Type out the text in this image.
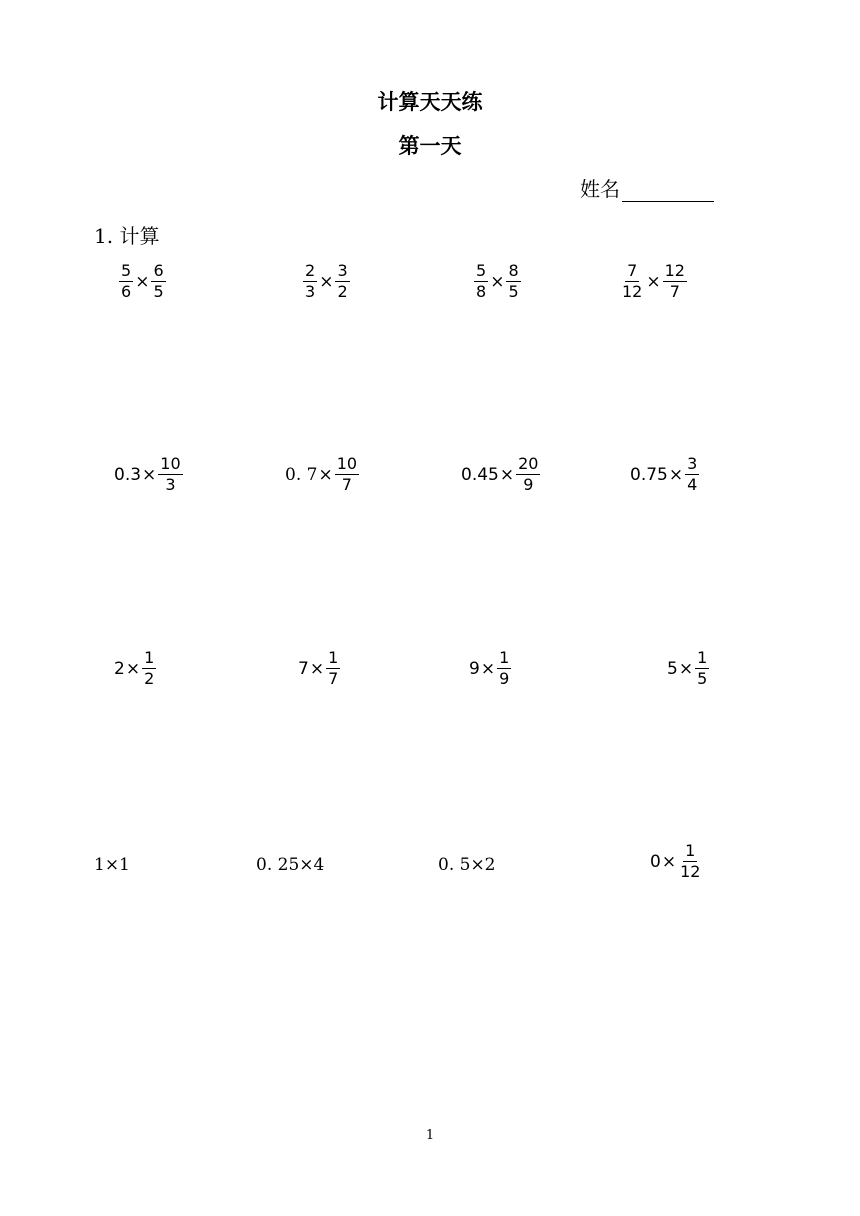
计算天天练
第一天
姓名
1. 计算
$\frac{5}{6} \times \frac{6}{5}$	$\frac{2}{3} \times \frac{3}{2}$	$\frac{5}{8} \times \frac{8}{5}$	$\frac{7}{12} \times \frac{12}{7}$
$0.3 \times \frac{10}{3}$	0. $7 \times \frac{10}{7}$	$0.45 \times \frac{20}{9}$	$0.75 \times \frac{3}{4}$
$2 \times \frac{1}{2}$	$7 \times \frac{1}{7}$	$9 \times \frac{1}{9}$	$5 \times \frac{1}{5}$
1×1	0. 25×4	0. 5×2	$0 \times \frac{1}{12}$
1
